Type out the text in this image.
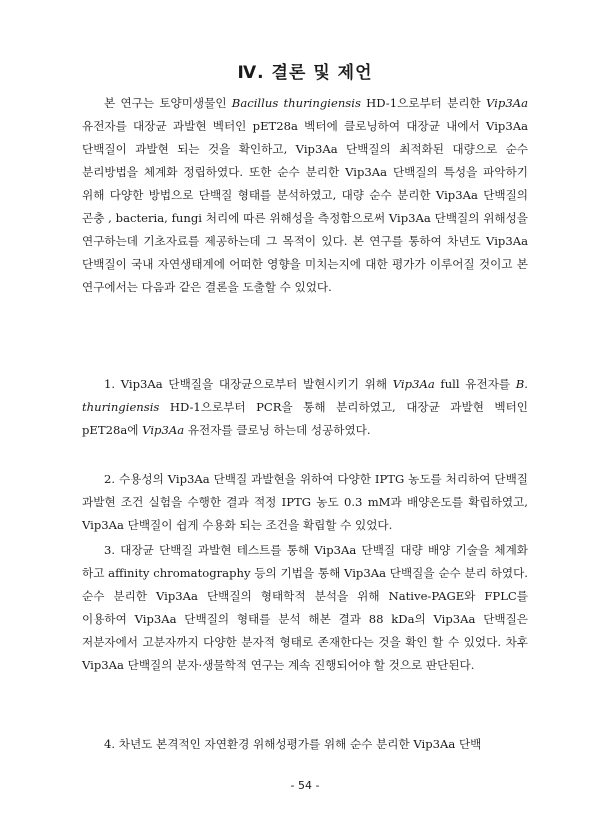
Ⅳ. 결론 및 제언

본 연구는 토양미생물인 Bacillus thuringiensis HD-1으로부터 분리한 Vip3Aa 유전자를 대장균 과발현 벡터인 pET28a 벡터에 클로닝하여 대장균 내에서 Vip3Aa 단백질이 과발현 되는 것을 확인하고, Vip3Aa 단백질의 최적화된 대량으로 순수 분리방법을 체계화 정립하였다. 또한 순수 분리한 Vip3Aa 단백질의 특성을 파악하기 위해 다양한 방법으로 단백질 형태를 분석하였고, 대량 순수 분리한 Vip3Aa 단백질의 곤충 , bacteria, fungi 처리에 따른 위해성을 측정함으로써 Vip3Aa 단백질의 위해성을 연구하는데 기초자료를 제공하는데 그 목적이 있다. 본 연구를 통하여 차년도 Vip3Aa 단백질이 국내 자연생태계에 어떠한 영향을 미치는지에 대한 평가가 이루어질 것이고 본 연구에서는 다음과 같은 결론을 도출할 수 있었다.

1. Vip3Aa 단백질을 대장균으로부터 발현시키기 위해 Vip3Aa full 유전자를 B. thuringiensis HD-1으로부터 PCR을 통해 분리하였고, 대장균 과발현 벡터인 pET28a에 Vip3Aa 유전자를 클로닝 하는데 성공하였다.

2. 수용성의 Vip3Aa 단백질 과발현을 위하여 다양한 IPTG 농도를 처리하여 단백질 과발현 조건 실험을 수행한 결과 적정 IPTG 농도 0.3 mM과 배양온도를 확립하였고, Vip3Aa 단백질이 쉽게 수용화 되는 조건을 확립할 수 있었다.

3. 대장균 단백질 과발현 테스트를 통해 Vip3Aa 단백질 대량 배양 기술을 체계화 하고 affinity chromatography 등의 기법을 통해 Vip3Aa 단백질을 순수 분리 하였다. 순수 분리한 Vip3Aa 단백질의 형태학적 분석을 위해 Native-PAGE와 FPLC를 이용하여 Vip3Aa 단백질의 형태를 분석 해본 결과 88 kDa의 Vip3Aa 단백질은 저분자에서 고분자까지 다양한 분자적 형태로 존재한다는 것을 확인 할 수 있었다. 차후 Vip3Aa 단백질의 분자·생물학적 연구는 계속 진행되어야 할 것으로 판단된다.

4. 차년도 본격적인 자연환경 위해성평가를 위해 순수 분리한 Vip3Aa 단백

- 54 -
